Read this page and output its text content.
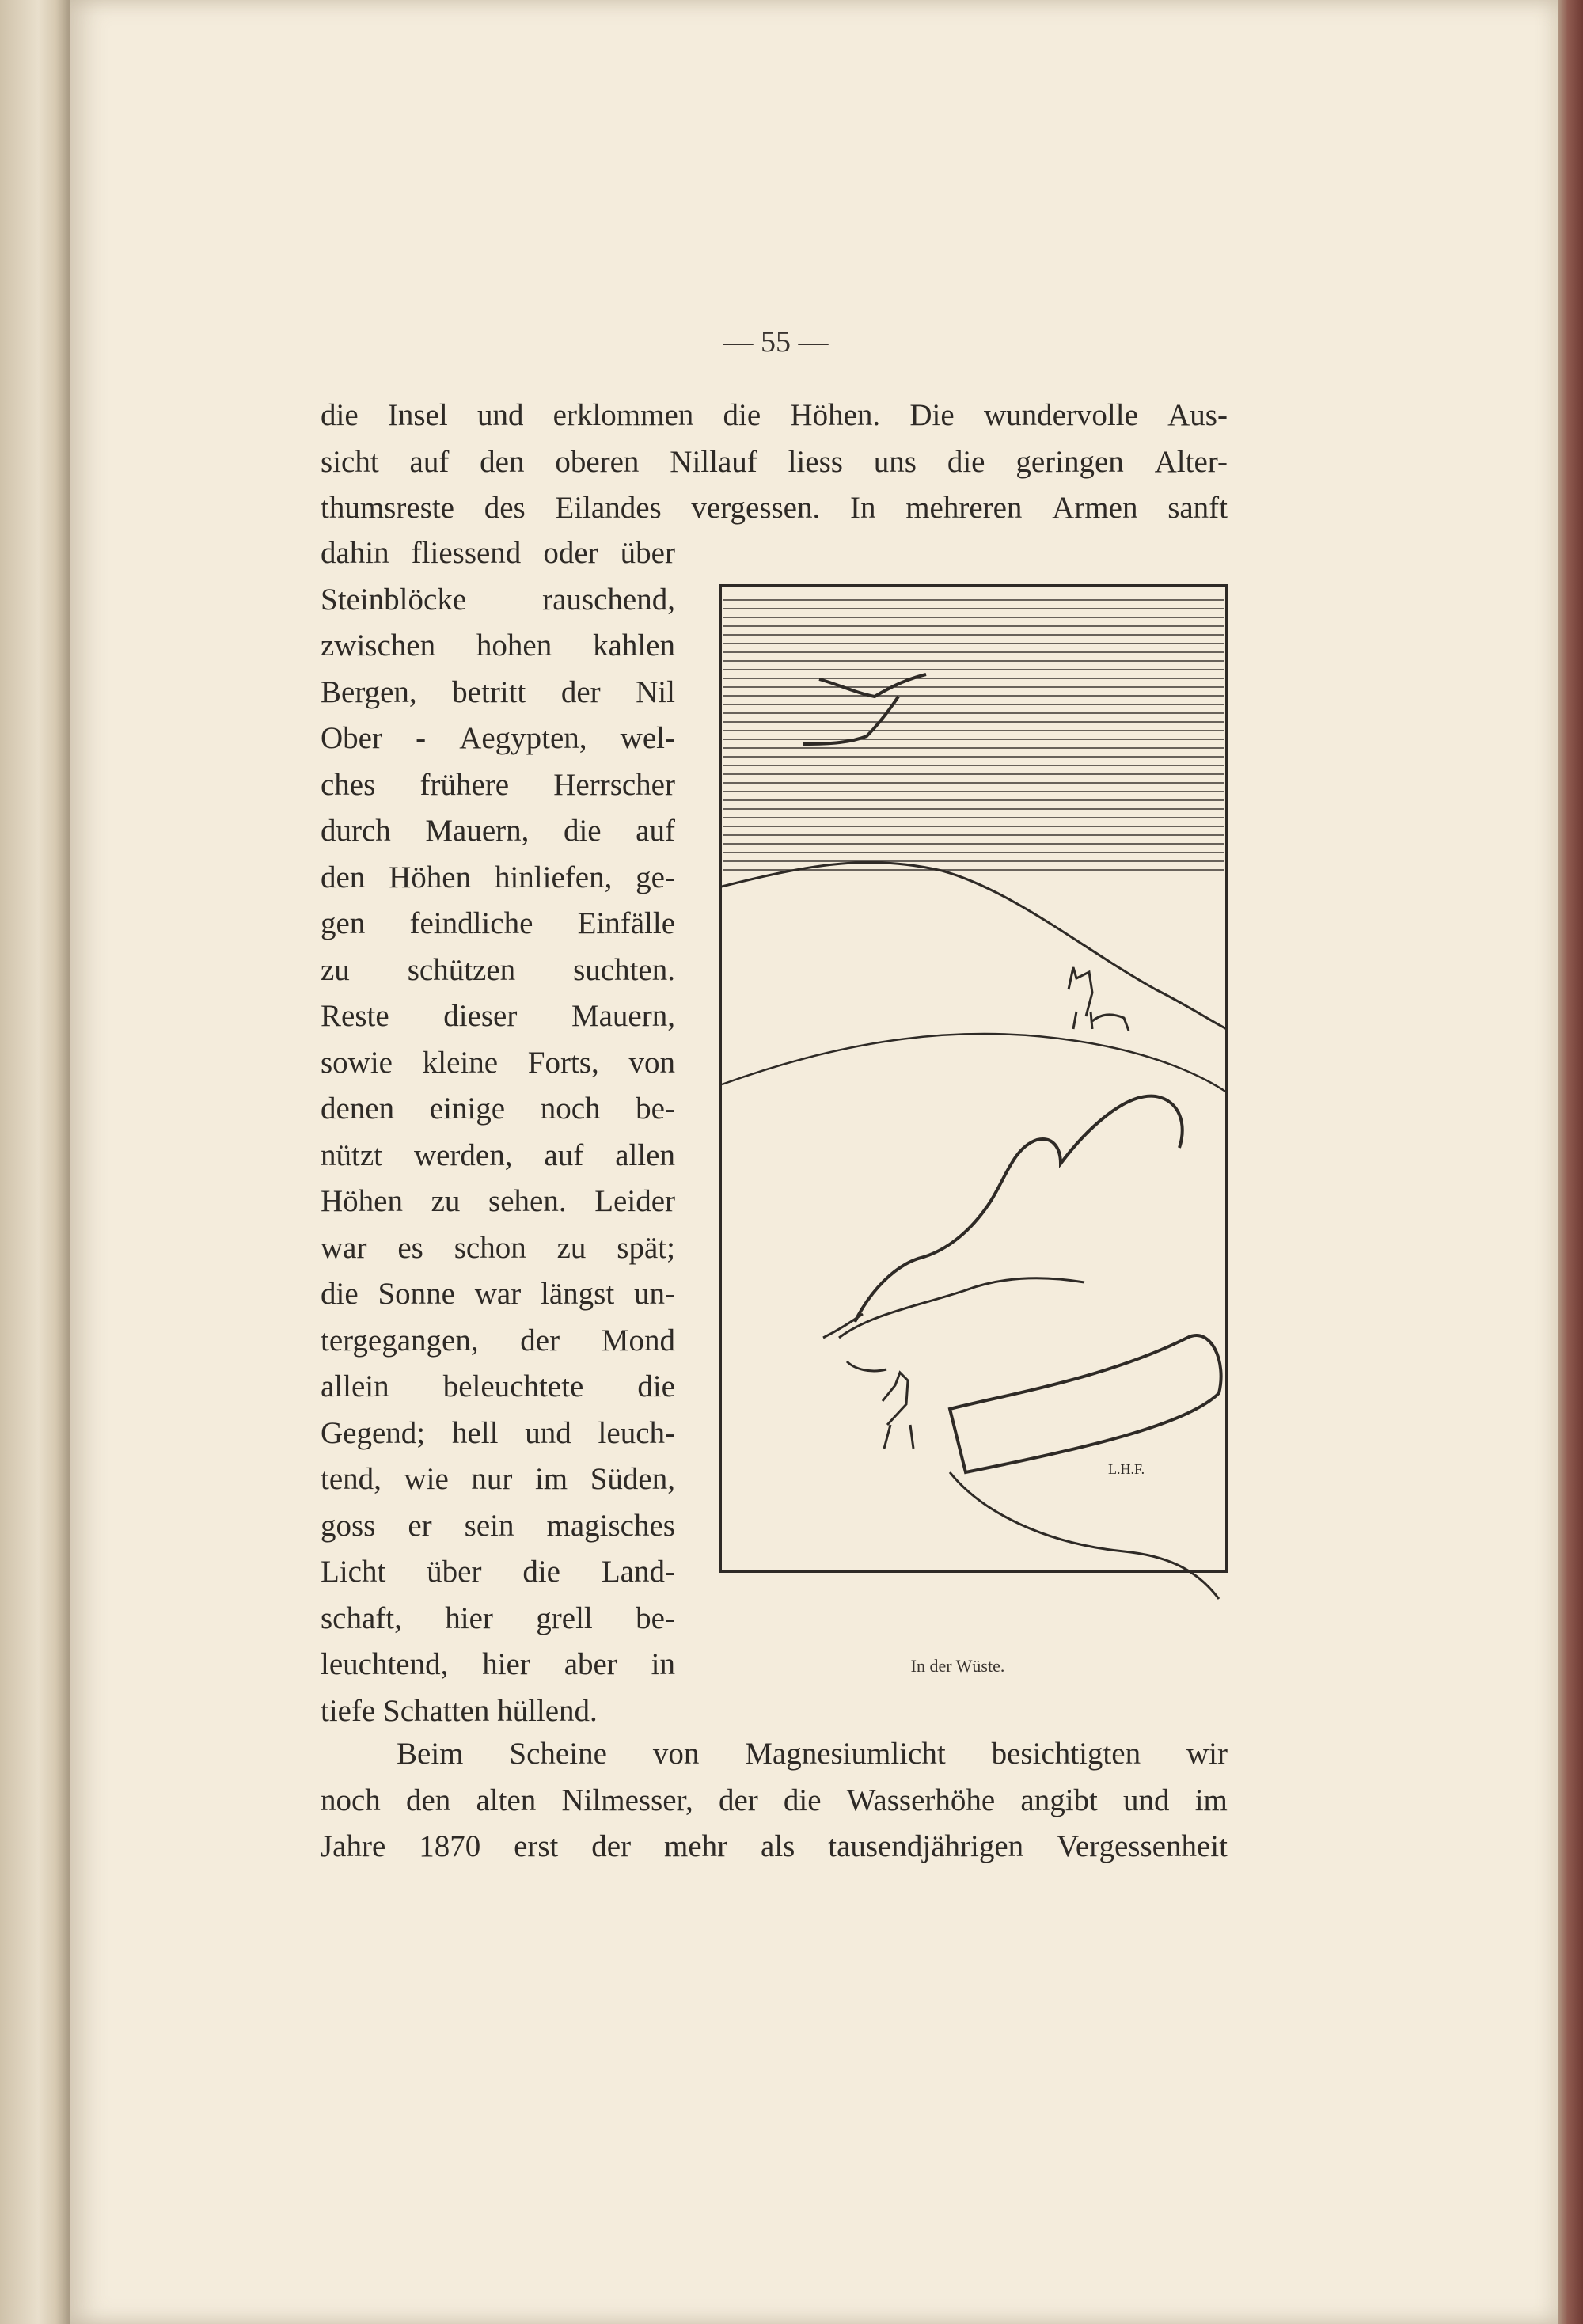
— 55 —
die Insel und erklommen die Höhen. Die wundervolle Aus-
sicht auf den oberen Nillauf liess uns die geringen Alter-
thumsreste des Eilandes vergessen. In mehreren Armen sanft
dahin fliessend oder über
Steinblöcke rauschend,
zwischen hohen kahlen
Bergen, betritt der Nil
Ober - Aegypten, wel-
ches frühere Herrscher
durch Mauern, die auf
den Höhen hinliefen, ge-
gen feindliche Einfälle
zu schützen suchten.
Reste dieser Mauern,
sowie kleine Forts, von
denen einige noch be-
nützt werden, auf allen
Höhen zu sehen. Leider
war es schon zu spät;
die Sonne war längst un-
tergegangen, der Mond
allein beleuchtete die
Gegend; hell und leuch-
tend, wie nur im Süden,
goss er sein magisches
Licht über die Land-
schaft, hier grell be-
leuchtend, hier aber in
tiefe Schatten hüllend.
L.H.F.
In der Wüste.
Beim Scheine von Magnesiumlicht besichtigten wir
noch den alten Nilmesser, der die Wasserhöhe angibt und im
Jahre 1870 erst der mehr als tausendjährigen Vergessenheit
